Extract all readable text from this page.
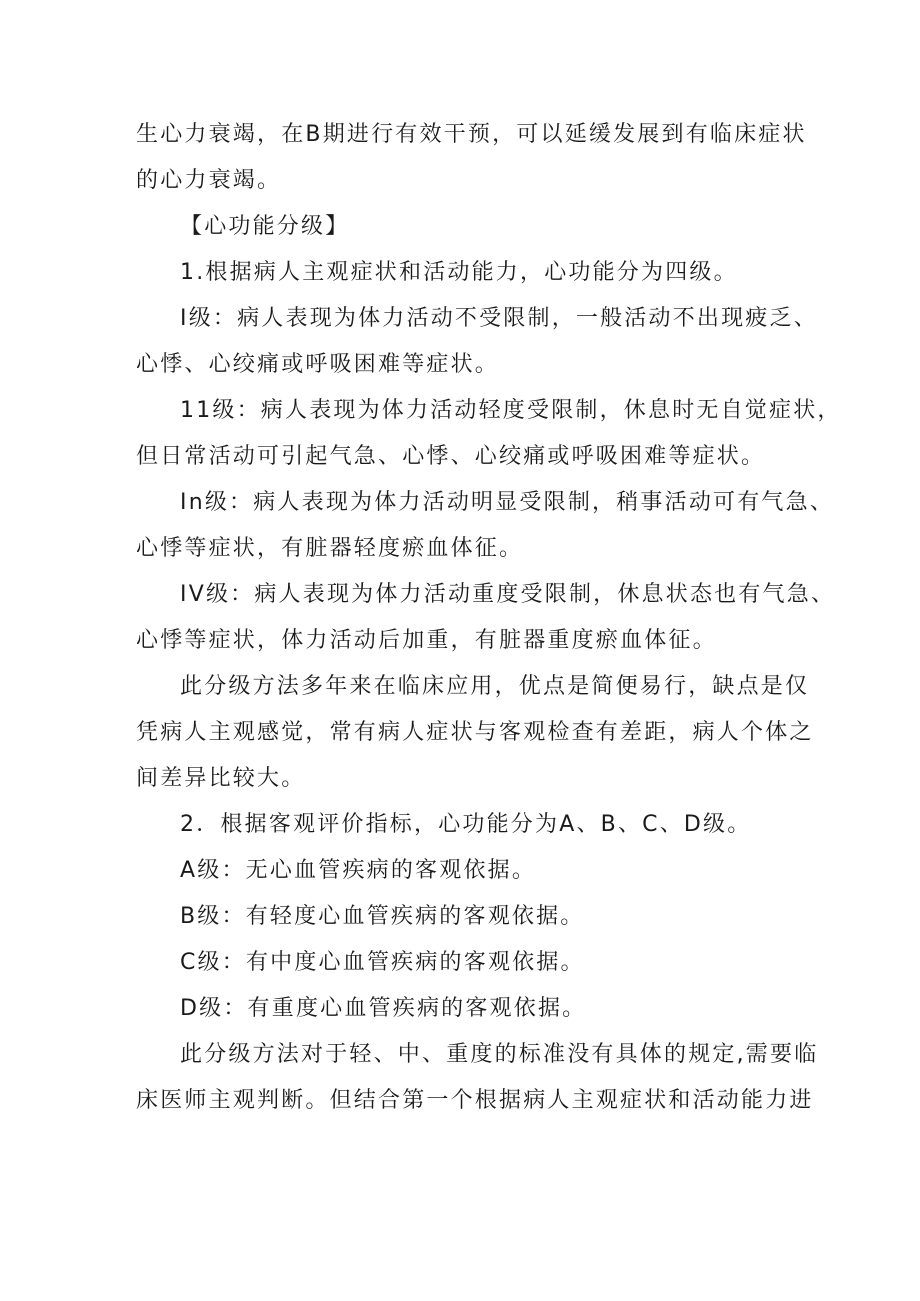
生心力衰竭，在B期进行有效干预，可以延缓发展到有临床症状
的心力衰竭。

【心功能分级】

1.根据病人主观症状和活动能力，心功能分为四级。

I级：病人表现为体力活动不受限制，一般活动不出现疲乏、
心悸、心绞痛或呼吸困难等症状。

11级：病人表现为体力活动轻度受限制，休息时无自觉症状，
但日常活动可引起气急、心悸、心绞痛或呼吸困难等症状。

In级：病人表现为体力活动明显受限制，稍事活动可有气急、
心悸等症状，有脏器轻度瘀血体征。

IV级：病人表现为体力活动重度受限制，休息状态也有气急、
心悸等症状，体力活动后加重，有脏器重度瘀血体征。

此分级方法多年来在临床应用，优点是简便易行，缺点是仅
凭病人主观感觉，常有病人症状与客观检查有差距，病人个体之
间差异比较大。

2．根据客观评价指标，心功能分为A、B、C、D级。

A级：无心血管疾病的客观依据。

B级：有轻度心血管疾病的客观依据。

C级：有中度心血管疾病的客观依据。

D级：有重度心血管疾病的客观依据。

此分级方法对于轻、中、重度的标准没有具体的规定,需要临
床医师主观判断。但结合第一个根据病人主观症状和活动能力进
